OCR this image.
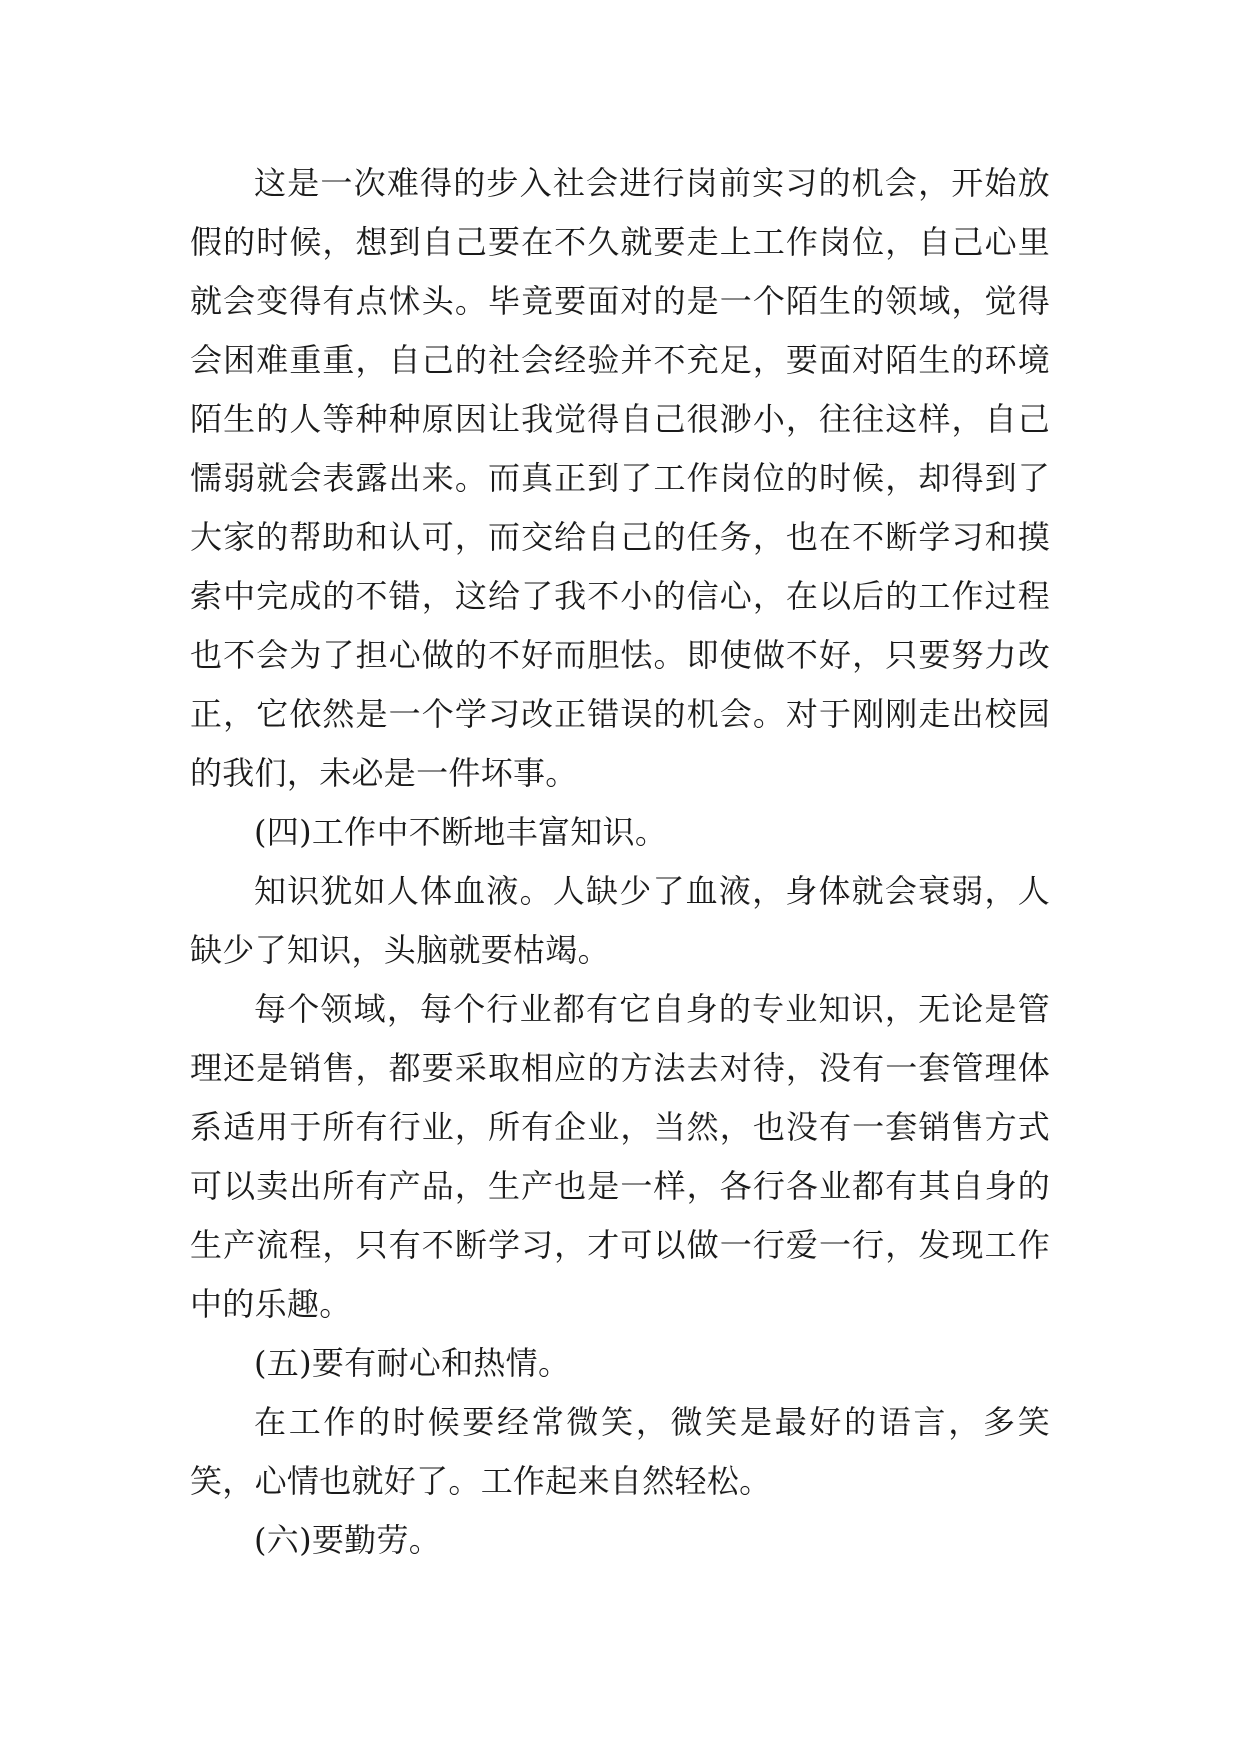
这是一次难得的步入社会进行岗前实习的机会，开始放假的时候，想到自己要在不久就要走上工作岗位，自己心里就会变得有点怵头。毕竟要面对的是一个陌生的领域，觉得会困难重重，自己的社会经验并不充足，要面对陌生的环境陌生的人等种种原因让我觉得自己很渺小，往往这样，自己懦弱就会表露出来。而真正到了工作岗位的时候，却得到了大家的帮助和认可，而交给自己的任务，也在不断学习和摸索中完成的不错，这给了我不小的信心，在以后的工作过程也不会为了担心做的不好而胆怯。即使做不好，只要努力改正，它依然是一个学习改正错误的机会。对于刚刚走出校园的我们，未必是一件坏事。

(四)工作中不断地丰富知识。

知识犹如人体血液。人缺少了血液，身体就会衰弱，人缺少了知识，头脑就要枯竭。

每个领域，每个行业都有它自身的专业知识，无论是管理还是销售，都要采取相应的方法去对待，没有一套管理体系适用于所有行业，所有企业，当然，也没有一套销售方式可以卖出所有产品，生产也是一样，各行各业都有其自身的生产流程，只有不断学习，才可以做一行爱一行，发现工作中的乐趣。

(五)要有耐心和热情。

在工作的时候要经常微笑，微笑是最好的语言，多笑笑，心情也就好了。工作起来自然轻松。

(六)要勤劳。
